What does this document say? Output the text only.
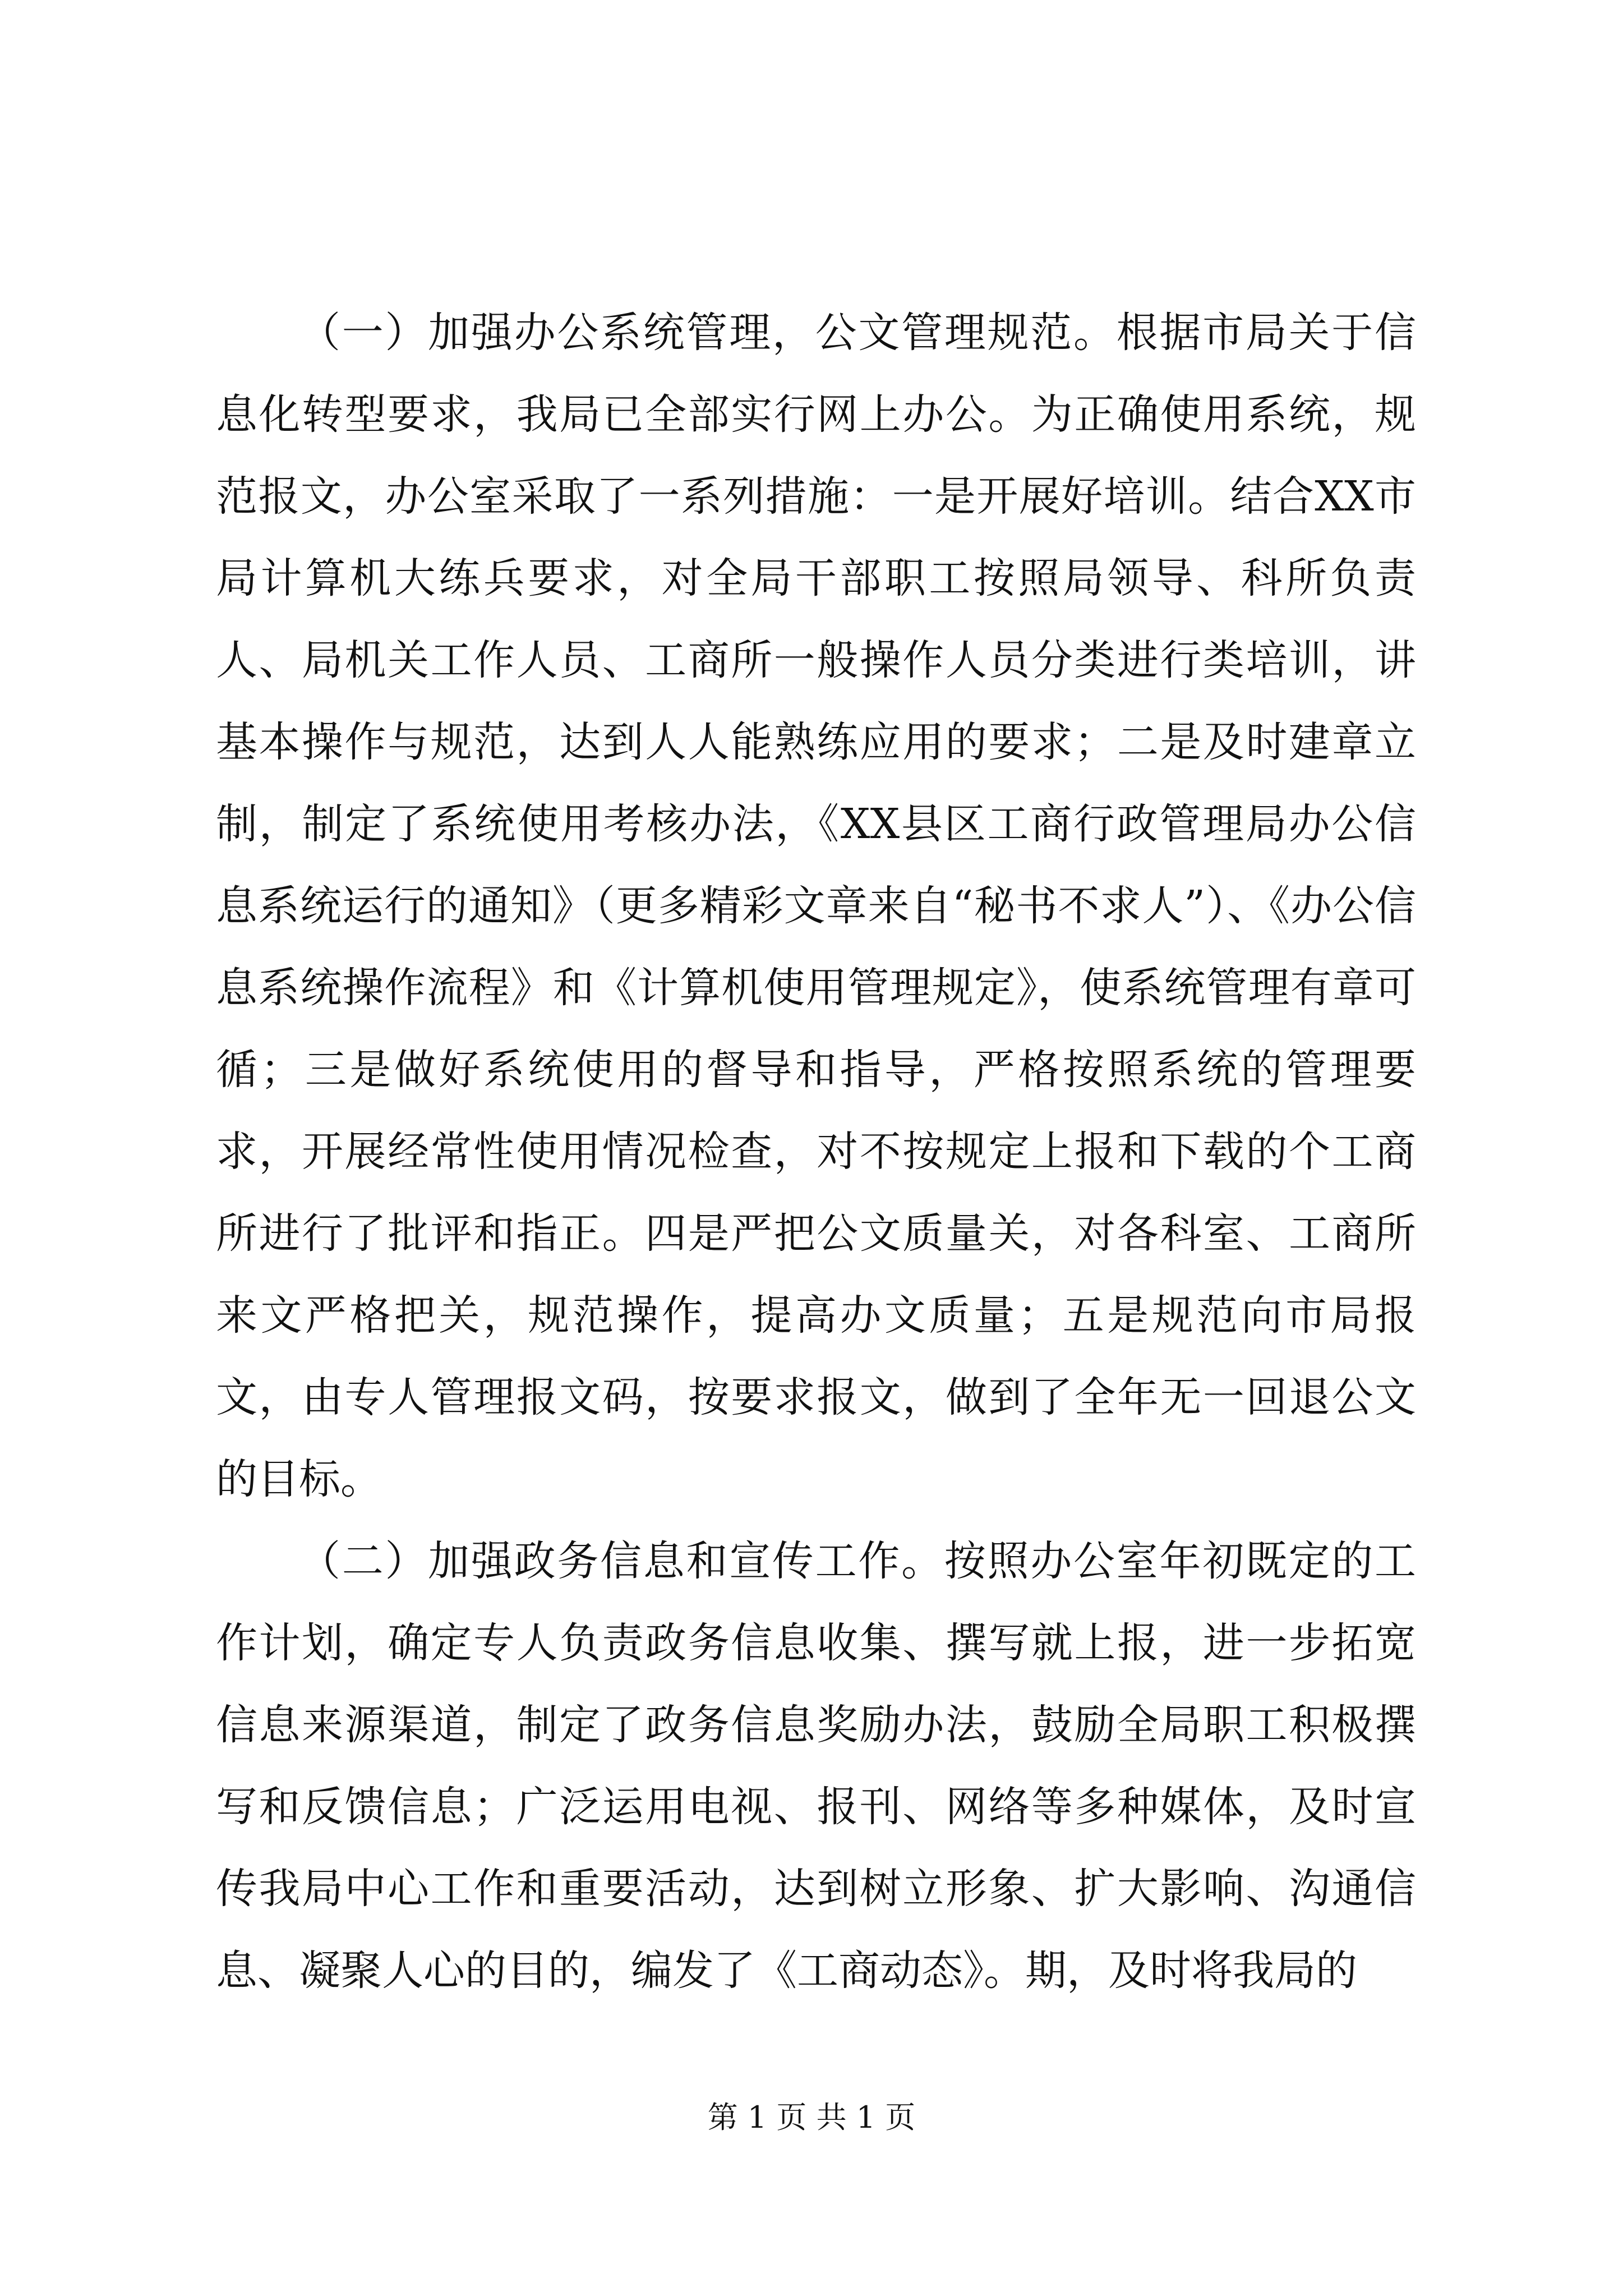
（一）加强办公系统管理，公文管理规范。根据市局关于信息化转型要求，我局已全部实行网上办公。为正确使用系统，规范报文，办公室采取了一系列措施：一是开展好培训。结合XX市局计算机大练兵要求，对全局干部职工按照局领导、科所负责人、局机关工作人员、工商所一般操作人员分类进行类培训，讲基本操作与规范，达到人人能熟练应用的要求；二是及时建章立制，制定了系统使用考核办法，《XX县区工商行政管理局办公信息系统运行的通知》（更多精彩文章来自“秘书不求人”）、《办公信息系统操作流程》和《计算机使用管理规定》，使系统管理有章可循；三是做好系统使用的督导和指导，严格按照系统的管理要求，开展经常性使用情况检查，对不按规定上报和下载的个工商所进行了批评和指正。四是严把公文质量关，对各科室、工商所来文严格把关，规范操作，提高办文质量；五是规范向市局报文，由专人管理报文码，按要求报文，做到了全年无一回退公文的目标。

（二）加强政务信息和宣传工作。按照办公室年初既定的工作计划，确定专人负责政务信息收集、撰写就上报，进一步拓宽信息来源渠道，制定了政务信息奖励办法，鼓励全局职工积极撰写和反馈信息；广泛运用电视、报刊、网络等多种媒体，及时宣传我局中心工作和重要活动，达到树立形象、扩大影响、沟通信息、凝聚人心的目的，编发了《工商动态》。期，及时将我局的

第 1 页 共 1 页
